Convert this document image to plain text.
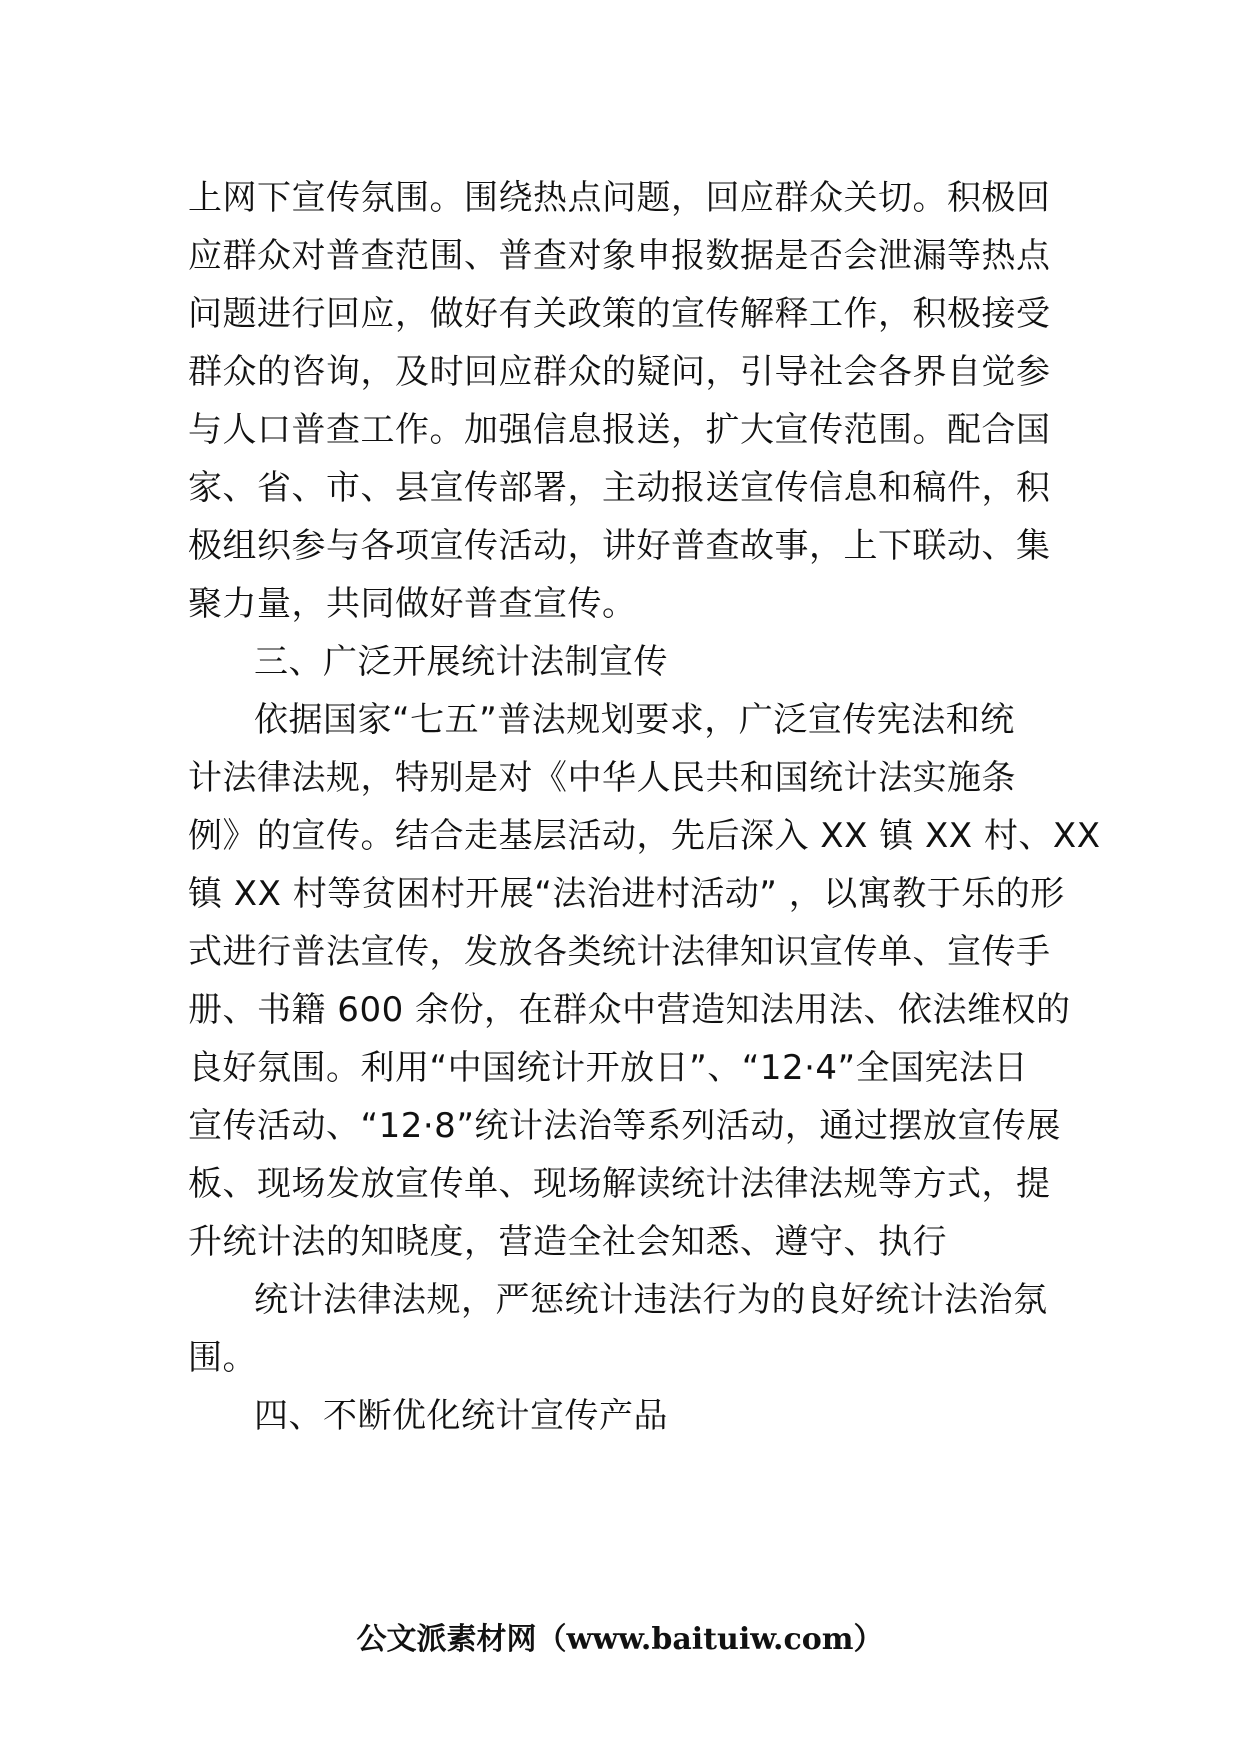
上网下宣传氛围。围绕热点问题，回应群众关切。积极回
应群众对普查范围、普查对象申报数据是否会泄漏等热点
问题进行回应，做好有关政策的宣传解释工作，积极接受
群众的咨询，及时回应群众的疑问，引导社会各界自觉参
与人口普查工作。加强信息报送，扩大宣传范围。配合国
家、省、市、县宣传部署，主动报送宣传信息和稿件，积
极组织参与各项宣传活动，讲好普查故事，上下联动、集
聚力量，共同做好普查宣传。
三、广泛开展统计法制宣传
依据国家“七五”普法规划要求，广泛宣传宪法和统
计法律法规，特别是对《中华人民共和国统计法实施条
例》的宣传。结合走基层活动，先后深入 XX 镇 XX 村、XX
镇 XX 村等贫困村开展“法治进村活动” ，以寓教于乐的形
式进行普法宣传，发放各类统计法律知识宣传单、宣传手
册、书籍 600 余份，在群众中营造知法用法、依法维权的
良好氛围。利用“中国统计开放日”、“12·4”全国宪法日
宣传活动、“12·8”统计法治等系列活动，通过摆放宣传展
板、现场发放宣传单、现场解读统计法律法规等方式，提
升统计法的知晓度，营造全社会知悉、遵守、执行
统计法律法规，严惩统计违法行为的良好统计法治氛
围。
四、不断优化统计宣传产品
公文派素材网（www.baituiw.com）
